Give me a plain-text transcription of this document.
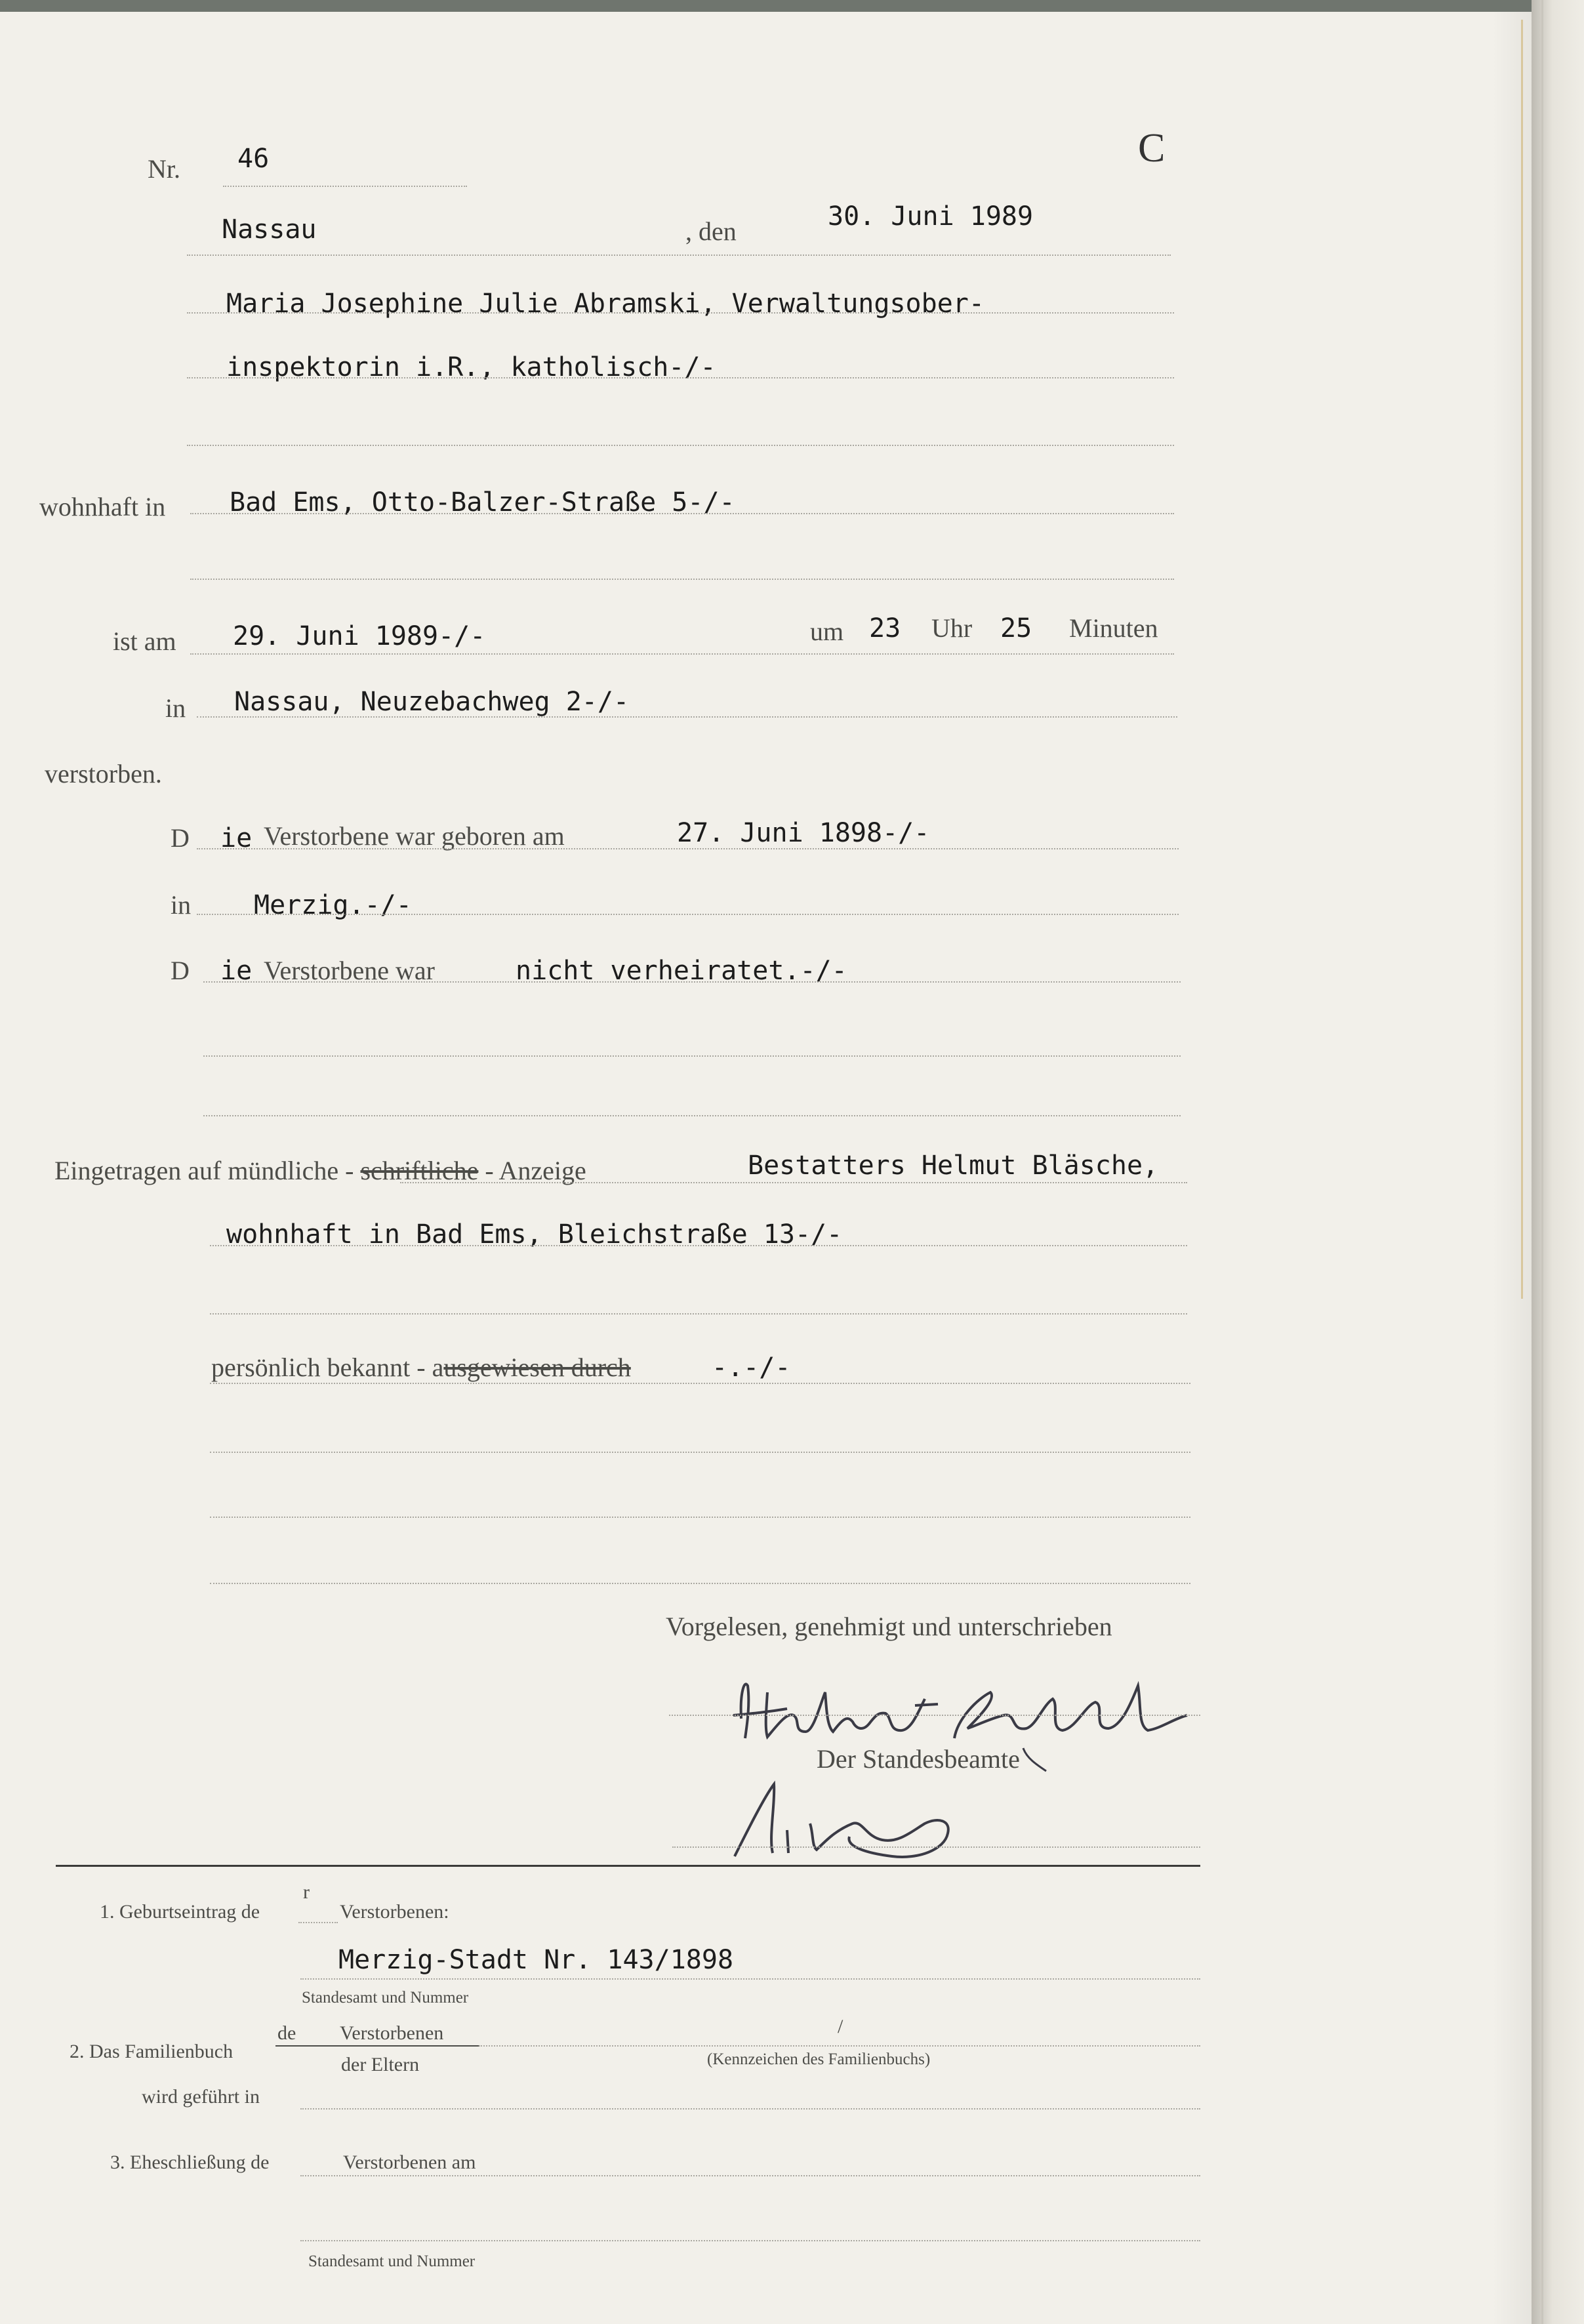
Nr. 46	C
Nassau	, den	30. Juni 1989
Maria Josephine Julie Abramski, Verwaltungsober-
inspektorin i.R., katholisch-/-
wohnhaft in Bad Ems, Otto-Balzer-Straße 5-/-
ist am 29. Juni 1989-/-	um 23 Uhr 25 Minuten
in Nassau, Neuzebachweg 2-/-
verstorben.
D ie Verstorbene war geboren am	27. Juni 1898-/-
in Merzig.-/-
D ie Verstorbene war	nicht verheiratet.-/-
Eingetragen auf mündliche - schriftliche - Anzeige	Bestatters Helmut Bläsche,
wohnhaft in Bad Ems, Bleichstraße 13-/-
persönlich bekannt - ausgewiesen durch	-.-/-
Vorgelesen, genehmigt und unterschrieben
Der Standesbeamte
1. Geburtseintrag de
r
Verstorbenen:
Merzig-Stadt Nr. 143/1898
Standesamt und Nummer
2. Das Familienbuch
de Verstorbenen
der Eltern
/
(Kennzeichen des Familienbuchs)
wird geführt in
3. Eheschließung de	Verstorbenen am
Standesamt und Nummer
